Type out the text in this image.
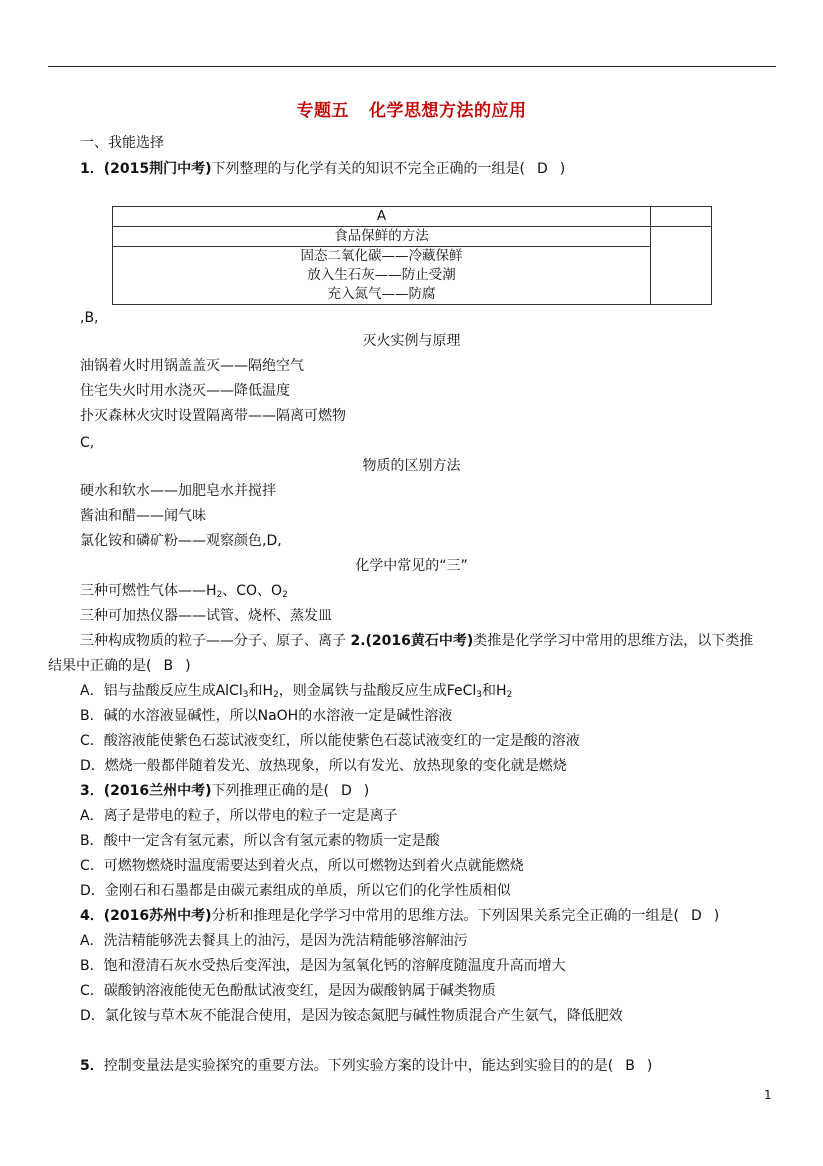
专题五 化学思想方法的应用
一、我能选择
1．(2015荆门中考)下列整理的与化学有关的知识不完全正确的一组是( D )
A	
食品保鲜的方法	

固态二氧化碳——冷藏保鲜
放入生石灰——防止受潮
充入氮气——防腐	
,B,
灭火实例与原理
油锅着火时用锅盖盖灭——隔绝空气
住宅失火时用水浇灭——降低温度
扑灭森林火灾时设置隔离带——隔离可燃物
C,
物质的区别方法
硬水和软水——加肥皂水并搅拌
酱油和醋——闻气味
氯化铵和磷矿粉——观察颜色,D,
化学中常见的“三”
三种可燃性气体$——H_2$、CO、$O_2$
三种可加热仪器——试管、烧杯、蒸发皿
三种构成物质的粒子——分子、原子、离子 2.(2016黄石中考)类推是化学学习中常用的思维方法，以下类推
结果中正确的是( B )
A．铝与盐酸反应生成AlCl$_3$和$H_2$，则金属铁与盐酸反应生成FeCl$_3$和$H_2$
B．碱的水溶液显碱性，所以NaOH的水溶液一定是碱性溶液
C．酸溶液能使紫色石蕊试液变红，所以能使紫色石蕊试液变红的一定是酸的溶液
D．燃烧一般都伴随着发光、放热现象，所以有发光、放热现象的变化就是燃烧
3．(2016兰州中考)下列推理正确的是( D )
A．离子是带电的粒子，所以带电的粒子一定是离子
B．酸中一定含有氢元素，所以含有氢元素的物质一定是酸
C．可燃物燃烧时温度需要达到着火点，所以可燃物达到着火点就能燃烧
D．金刚石和石墨都是由碳元素组成的单质，所以它们的化学性质相似
4．(2016苏州中考)分析和推理是化学学习中常用的思维方法。下列因果关系完全正确的一组是( D )
A．洗洁精能够洗去餐具上的油污，是因为洗洁精能够溶解油污
B．饱和澄清石灰水受热后变浑浊，是因为氢氧化钙的溶解度随温度升高而增大
C．碳酸钠溶液能使无色酚酞试液变红，是因为碳酸钠属于碱类物质
D．氯化铵与草木灰不能混合使用，是因为铵态氮肥与碱性物质混合产生氨气，降低肥效
5．控制变量法是实验探究的重要方法。下列实验方案的设计中，能达到实验目的的是( B )
1
